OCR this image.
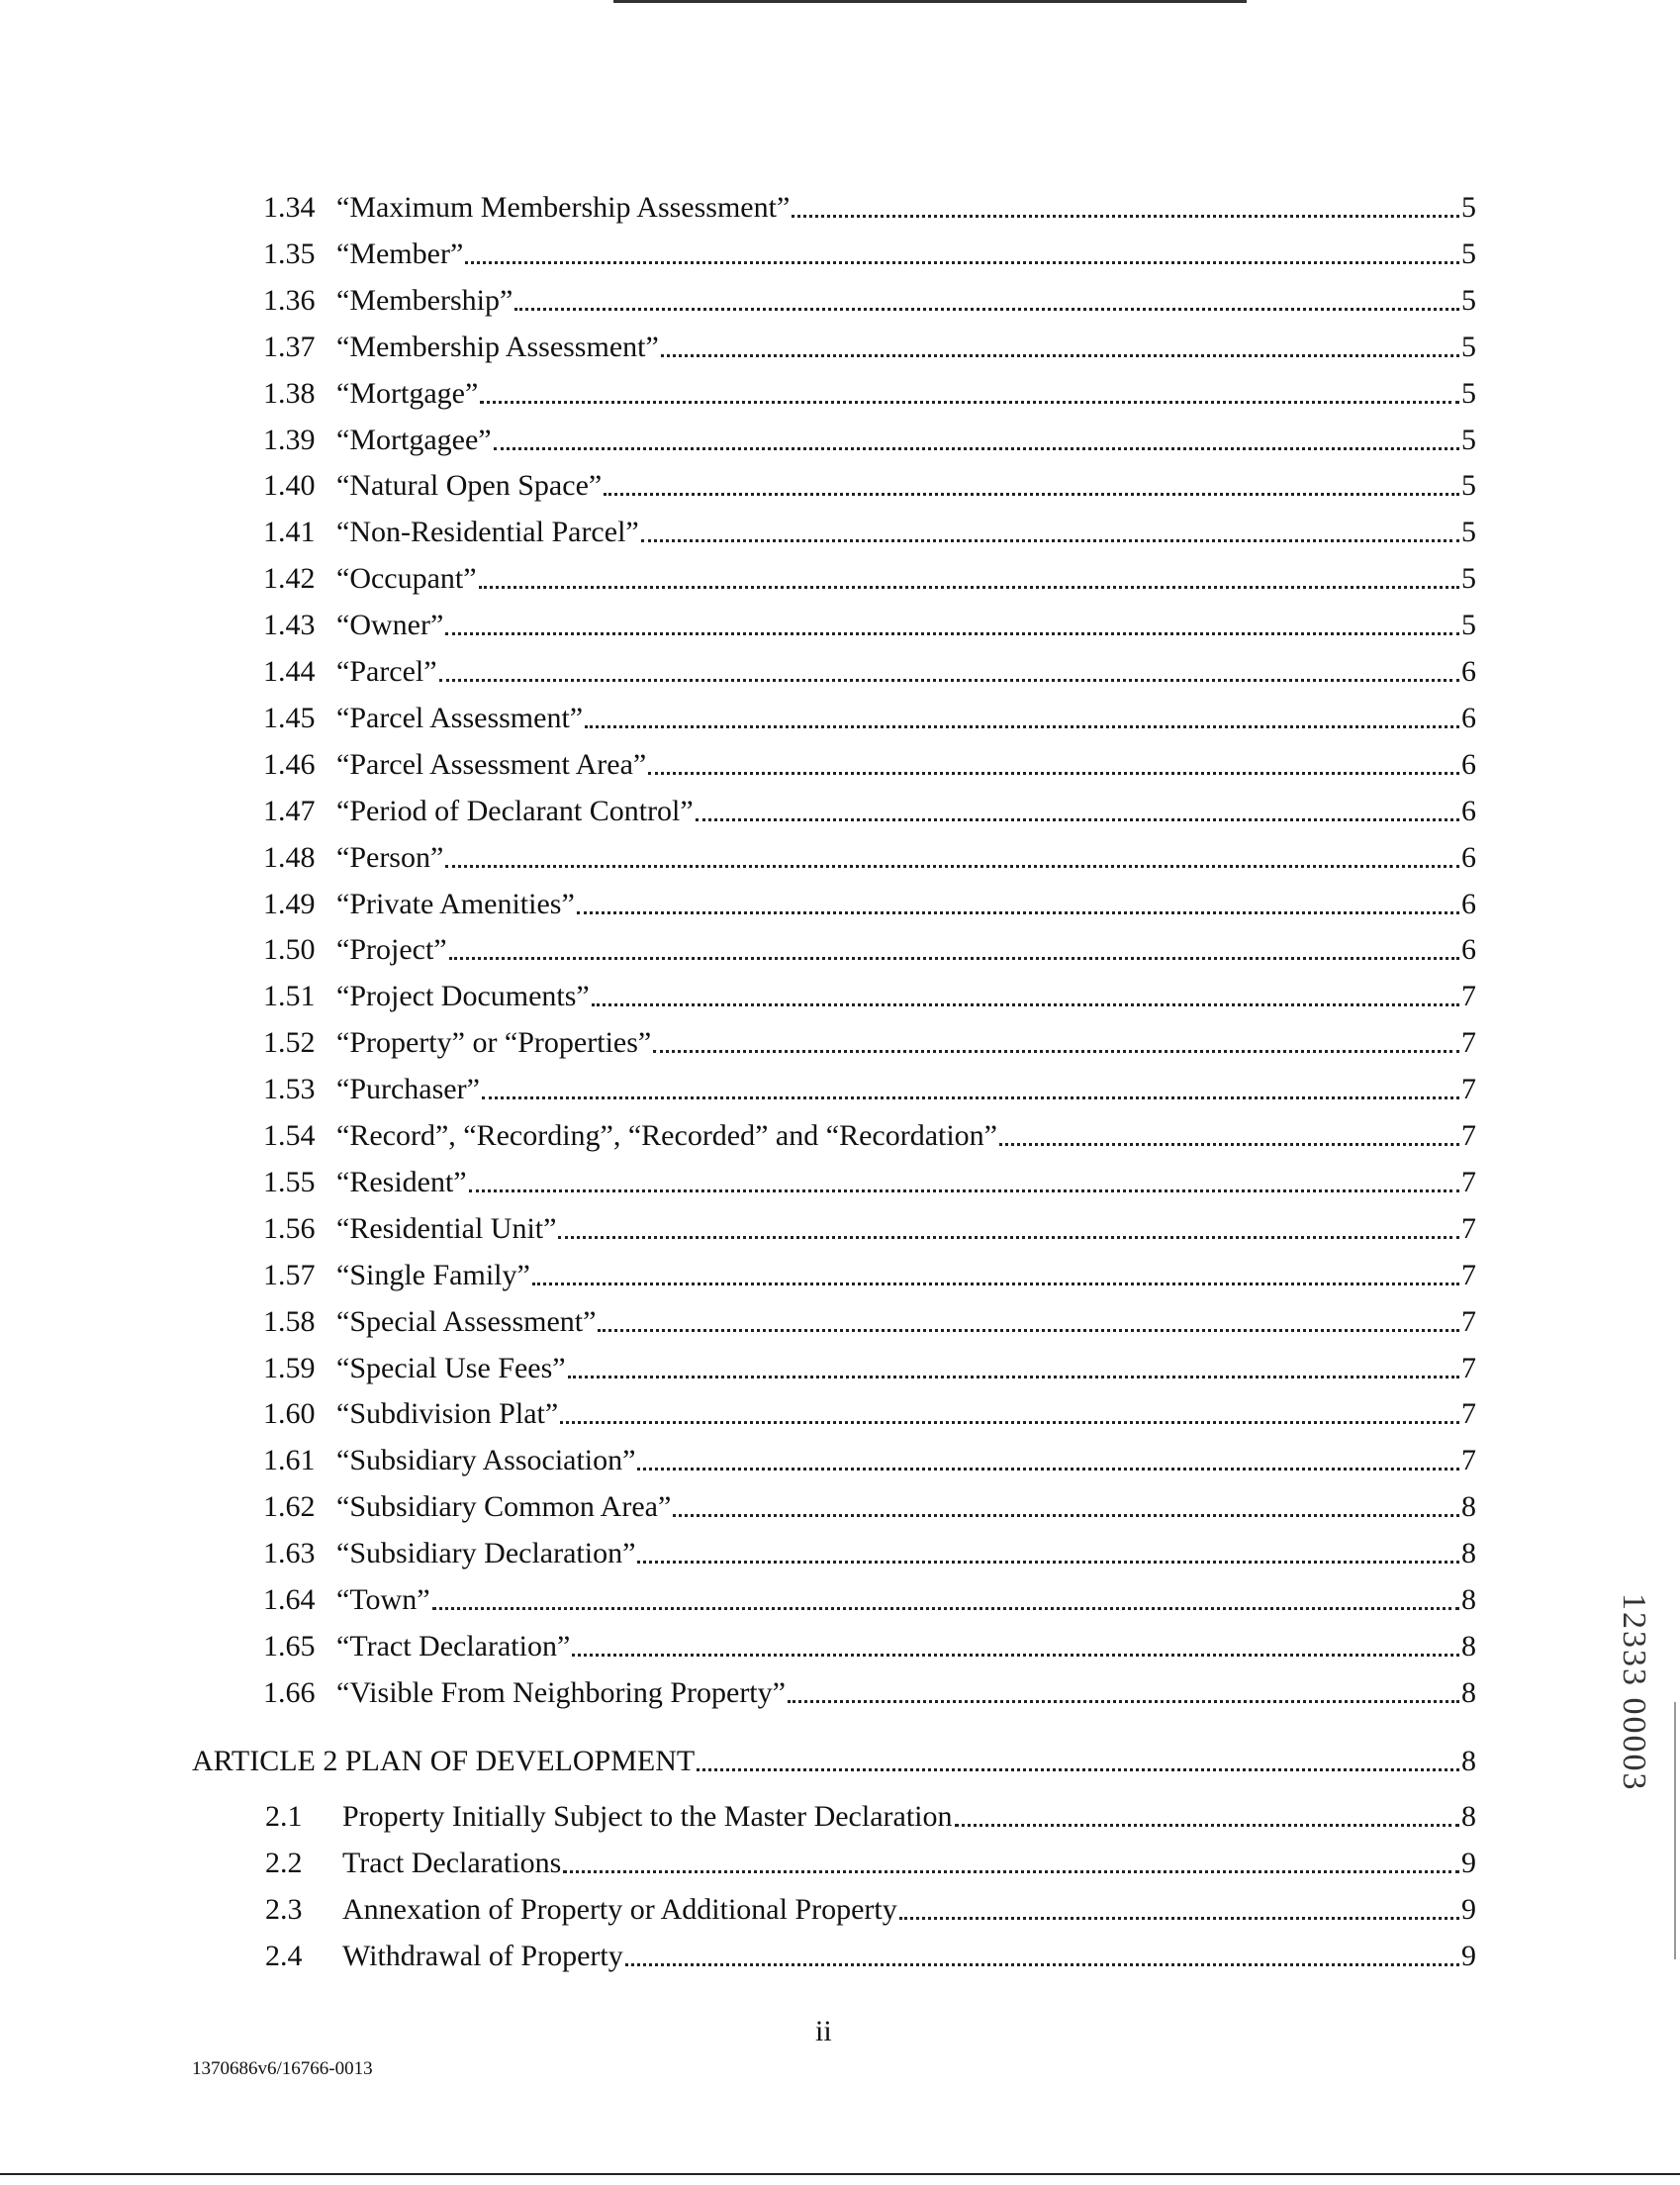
1.34 “Maximum Membership Assessment”	5
1.35 “Member”	5
1.36 “Membership”	5
1.37 “Membership Assessment”	5
1.38 “Mortgage”	5
1.39 “Mortgagee”	5
1.40 “Natural Open Space”	5
1.41 “Non-Residential Parcel”	5
1.42 “Occupant”	5
1.43 “Owner”	5
1.44 “Parcel”	6
1.45 “Parcel Assessment”	6
1.46 “Parcel Assessment Area”	6
1.47 “Period of Declarant Control”	6
1.48 “Person”	6
1.49 “Private Amenities”	6
1.50 “Project”	6
1.51 “Project Documents”	7
1.52 “Property” or “Properties”	7
1.53 “Purchaser”	7
1.54 “Record”, “Recording”, “Recorded” and “Recordation”	7
1.55 “Resident”	7
1.56 “Residential Unit”	7
1.57 “Single Family”	7
1.58 “Special Assessment”	7
1.59 “Special Use Fees”	7
1.60 “Subdivision Plat”	7
1.61 “Subsidiary Association”	7
1.62 “Subsidiary Common Area”	8
1.63 “Subsidiary Declaration”	8
1.64 “Town”	8
1.65 “Tract Declaration”	8
1.66 “Visible From Neighboring Property”	8
ARTICLE 2 PLAN OF DEVELOPMENT	8
2.1	Property Initially Subject to the Master Declaration	8
2.2	Tract Declarations	9
2.3	Annexation of Property or Additional Property	9
2.4	Withdrawal of Property	9
ii
1370686v6/16766-0013
12333 00003
